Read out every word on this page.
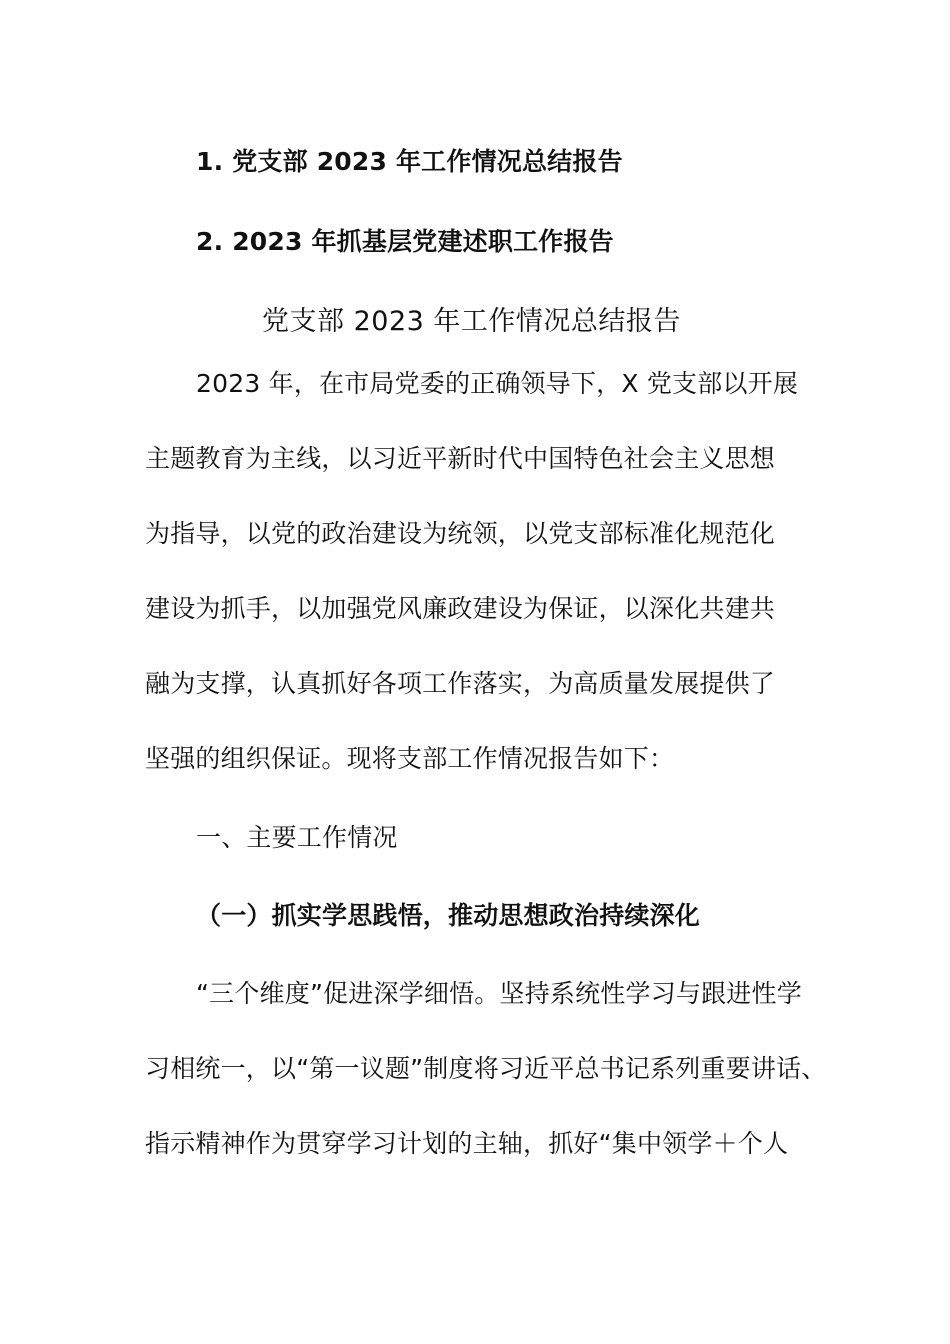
1. 党支部 2023 年工作情况总结报告
2. 2023 年抓基层党建述职工作报告
党支部 2023 年工作情况总结报告
2023 年，在市局党委的正确领导下，X 党支部以开展
主题教育为主线，以习近平新时代中国特色社会主义思想
为指导，以党的政治建设为统领，以党支部标准化规范化
建设为抓手，以加强党风廉政建设为保证，以深化共建共
融为支撑，认真抓好各项工作落实，为高质量发展提供了
坚强的组织保证。现将支部工作情况报告如下：
一、主要工作情况
（一）抓实学思践悟，推动思想政治持续深化
“三个维度”促进深学细悟。坚持系统性学习与跟进性学
习相统一，以“第一议题”制度将习近平总书记系列重要讲话、
指示精神作为贯穿学习计划的主轴，抓好“集中领学＋个人
